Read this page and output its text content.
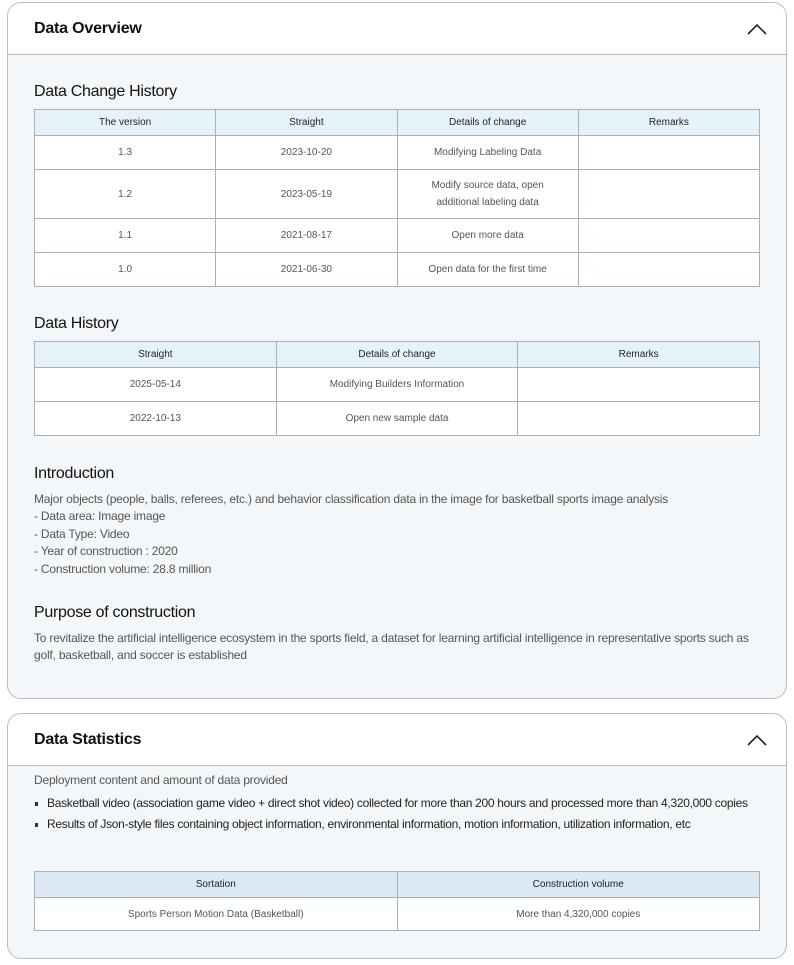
Data Overview
Data Change History
The version	Straight	Details of change	Remarks
1.3	2023-10-20	Modifying Labeling Data	
1.2	2023-05-19	Modify source data, open additional labeling data	
1.1	2021-08-17	Open more data	
1.0	2021-06-30	Open data for the first time	
Data History
Straight	Details of change	Remarks
2025-05-14	Modifying Builders Information	
2022-10-13	Open new sample data	
Introduction
Major objects (people, balls, referees, etc.) and behavior classification data in the image for basketball sports image analysis
- Data area: Image image
- Data Type: Video
- Year of construction : 2020
- Construction volume: 28.8 million
Purpose of construction
To revitalize the artificial intelligence ecosystem in the sports field, a dataset for learning artificial intelligence in representative sports such as golf, basketball, and soccer is established
Data Statistics
Deployment content and amount of data provided
Basketball video (association game video + direct shot video) collected for more than 200 hours and processed more than 4,320,000 copies
Results of Json-style files containing object information, environmental information, motion information, utilization information, etc
Sortation	Construction volume
Sports Person Motion Data (Basketball)	More than 4,320,000 copies
